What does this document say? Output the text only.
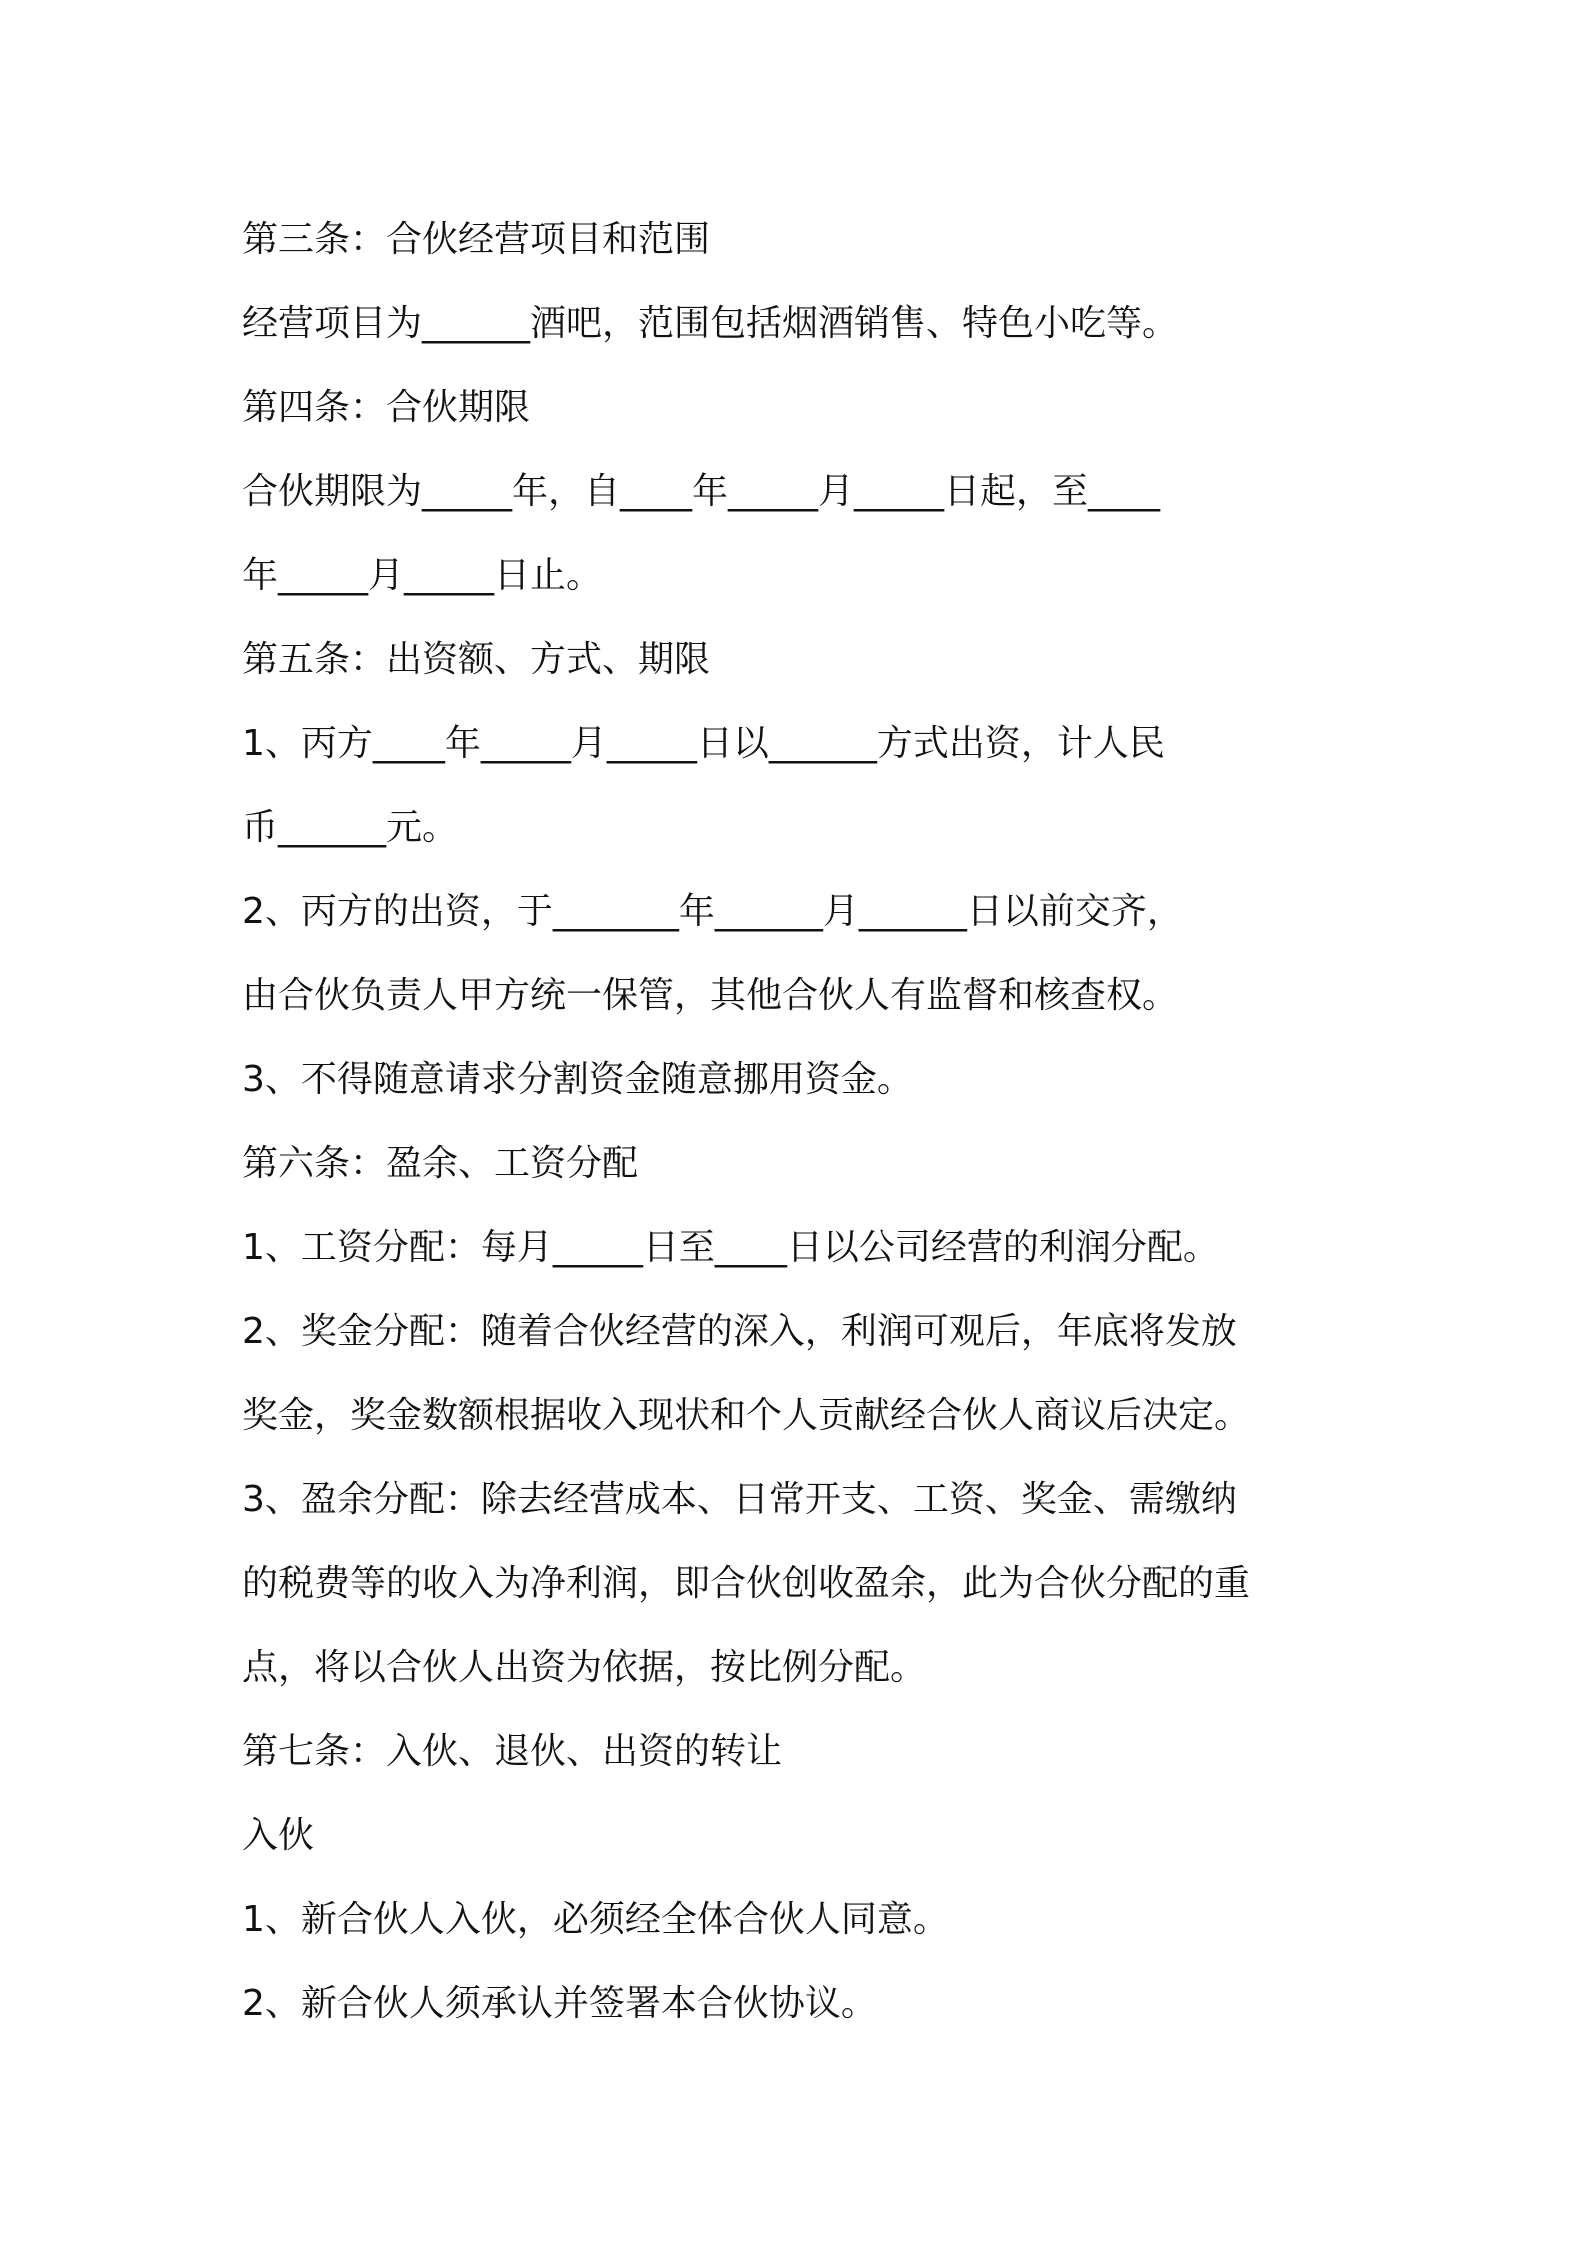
第三条：合伙经营项目和范围
经营项目为______酒吧，范围包括烟酒销售、特色小吃等。
第四条：合伙期限
合伙期限为_____年，自____年_____月_____日起，至____
年_____月_____日止。
第五条：出资额、方式、期限
1、丙方____年_____月_____日以______方式出资，计人民
币______元。
2、丙方的出资，于_______年______月______日以前交齐，
由合伙负责人甲方统一保管，其他合伙人有监督和核查权。
3、不得随意请求分割资金随意挪用资金。
第六条：盈余、工资分配
1、工资分配：每月_____日至____日以公司经营的利润分配。
2、奖金分配：随着合伙经营的深入，利润可观后，年底将发放
奖金，奖金数额根据收入现状和个人贡献经合伙人商议后决定。
3、盈余分配：除去经营成本、日常开支、工资、奖金、需缴纳
的税费等的收入为净利润，即合伙创收盈余，此为合伙分配的重
点，将以合伙人出资为依据，按比例分配。
第七条：入伙、退伙、出资的转让
入伙
1、新合伙人入伙，必须经全体合伙人同意。
2、新合伙人须承认并签署本合伙协议。
